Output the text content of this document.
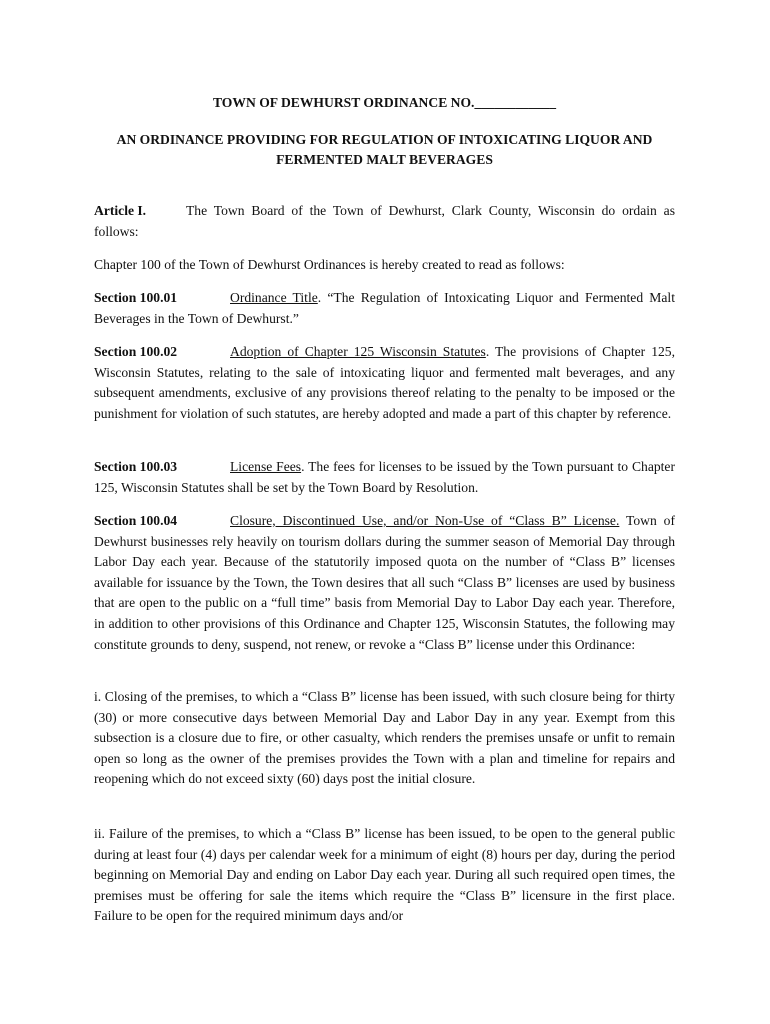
TOWN OF DEWHURST ORDINANCE NO.____________
AN ORDINANCE PROVIDING FOR REGULATION OF INTOXICATING LIQUOR AND FERMENTED MALT BEVERAGES
Article I.	The Town Board of the Town of Dewhurst, Clark County, Wisconsin do ordain as follows:
Chapter 100 of the Town of Dewhurst Ordinances is hereby created to read as follows:
Section 100.01	Ordinance Title. “The Regulation of Intoxicating Liquor and Fermented Malt Beverages in the Town of Dewhurst.”
Section 100.02	Adoption of Chapter 125 Wisconsin Statutes. The provisions of Chapter 125, Wisconsin Statutes, relating to the sale of intoxicating liquor and fermented malt beverages, and any subsequent amendments, exclusive of any provisions thereof relating to the penalty to be imposed or the punishment for violation of such statutes, are hereby adopted and made a part of this chapter by reference.
Section 100.03	License Fees. The fees for licenses to be issued by the Town pursuant to Chapter 125, Wisconsin Statutes shall be set by the Town Board by Resolution.
Section 100.04	Closure, Discontinued Use, and/or Non-Use of “Class B” License. Town of Dewhurst businesses rely heavily on tourism dollars during the summer season of Memorial Day through Labor Day each year. Because of the statutorily imposed quota on the number of “Class B” licenses available for issuance by the Town, the Town desires that all such “Class B” licenses are used by business that are open to the public on a “full time” basis from Memorial Day to Labor Day each year. Therefore, in addition to other provisions of this Ordinance and Chapter 125, Wisconsin Statutes, the following may constitute grounds to deny, suspend, not renew, or revoke a “Class B” license under this Ordinance:
i. Closing of the premises, to which a “Class B” license has been issued, with such closure being for thirty (30) or more consecutive days between Memorial Day and Labor Day in any year. Exempt from this subsection is a closure due to fire, or other casualty, which renders the premises unsafe or unfit to remain open so long as the owner of the premises provides the Town with a plan and timeline for repairs and reopening which do not exceed sixty (60) days post the initial closure.
ii. Failure of the premises, to which a “Class B” license has been issued, to be open to the general public during at least four (4) days per calendar week for a minimum of eight (8) hours per day, during the period beginning on Memorial Day and ending on Labor Day each year. During all such required open times, the premises must be offering for sale the items which require the “Class B” licensure in the first place. Failure to be open for the required minimum days and/or
